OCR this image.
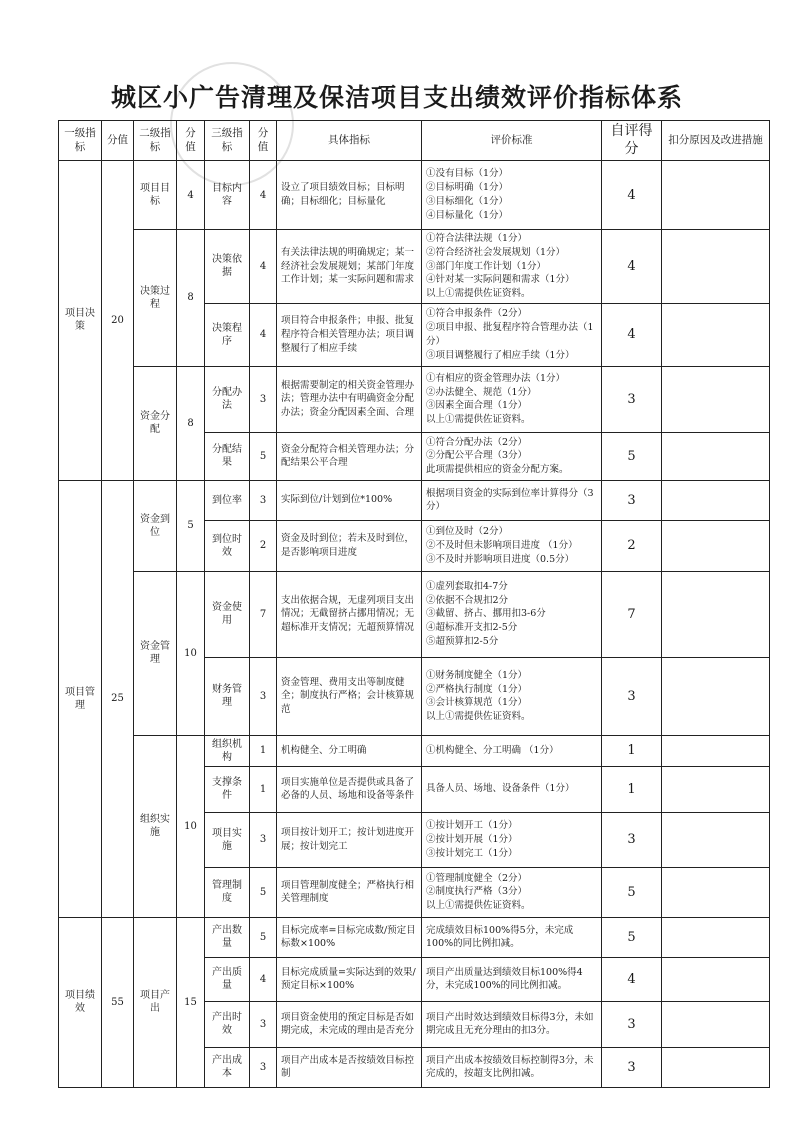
城区小广告清理及保洁项目支出绩效评价指标体系
一级指标	分值	二级指标	分值	三级指标	分值	具体指标	评价标准	自评得分	扣分原因及改进措施
项目决策	20	项目目标	4	目标内容	4	设立了项目绩效目标；目标明确；目标细化；目标量化	①没有目标（1分）
②目标明确（1分）
③目标细化（1分）
④目标量化（1分）	4	
		决策过程	8	决策依据	4	有关法律法规的明确规定；某一经济社会发展规划；某部门年度工作计划；某一实际问题和需求	①符合法律法规（1分）
②符合经济社会发展规划（1分）
③部门年度工作计划（1分）
④针对某一实际问题和需求（1分）
以上①需提供佐证资料。	4	
				决策程序	4	项目符合申报条件；申报、批复程序符合相关管理办法；项目调整履行了相应手续	①符合申报条件（2分）
②项目申报、批复程序符合管理办法（1分）
③项目调整履行了相应手续（1分）	4	
		资金分配	8	分配办法	3	根据需要制定的相关资金管理办法；管理办法中有明确资金分配办法；资金分配因素全面、合理	①有相应的资金管理办法（1分）
②办法健全、规范（1分）
③因素全面合理（1分）
以上①需提供佐证资料。	3	
				分配结果	5	资金分配符合相关管理办法；分配结果公平合理	①符合分配办法（2分）
②分配公平合理（3分）
此项需提供相应的资金分配方案。	5	
项目管理	25	资金到位	5	到位率	3	实际到位/计划到位*100%	根据项目资金的实际到位率计算得分（3分）	3	
				到位时效	2	资金及时到位；若未及时到位，是否影响项目进度	①到位及时（2分）
②不及时但未影响项目进度 （1分）
③不及时并影响项目进度（0.5分）	2	
		资金管理	10	资金使用	7	支出依据合规，无虚列项目支出情况；无截留挤占挪用情况；无超标准开支情况；无超预算情况	①虚列套取扣4-7分
②依据不合规扣2分
③截留、挤占、挪用扣3-6分
④超标准开支扣2-5分
⑤超预算扣2-5分	7	
				财务管理	3	资金管理、费用支出等制度健全；制度执行严格；会计核算规范	①财务制度健全（1分）
②严格执行制度（1分）
③会计核算规范（1分）
以上①需提供佐证资料。	3	
		组织实施	10	组织机构	1	机构健全、分工明确	①机构健全、分工明确 （1分）	1	
				支撑条件	1	项目实施单位是否提供或具备了必备的人员、场地和设备等条件	具备人员、场地、设备条件（1分）	1	
				项目实施	3	项目按计划开工；按计划进度开展；按计划完工	①按计划开工（1分）
②按计划开展（1分）
③按计划完工（1分）	3	
				管理制度	5	项目管理制度健全；严格执行相关管理制度	①管理制度健全（2分）
②制度执行严格（3分）
以上①需提供佐证资料。	5	
项目绩效	55	项目产出	15	产出数量	5	目标完成率=目标完成数/预定目标数×100%	完成绩效目标100%得5分，未完成100%的同比例扣减。	5	
				产出质量	4	目标完成质量=实际达到的效果/预定目标×100%	项目产出质量达到绩效目标100%得4分，未完成100%的同比例扣减。	4	
				产出时效	3	项目资金使用的预定目标是否如期完成，未完成的理由是否充分	项目产出时效达到绩效目标得3分，未如期完成且无充分理由的扣3分。	3	
				产出成本	3	项目产出成本是否按绩效目标控制	项目产出成本按绩效目标控制得3分，未完成的，按超支比例扣减。	3	
